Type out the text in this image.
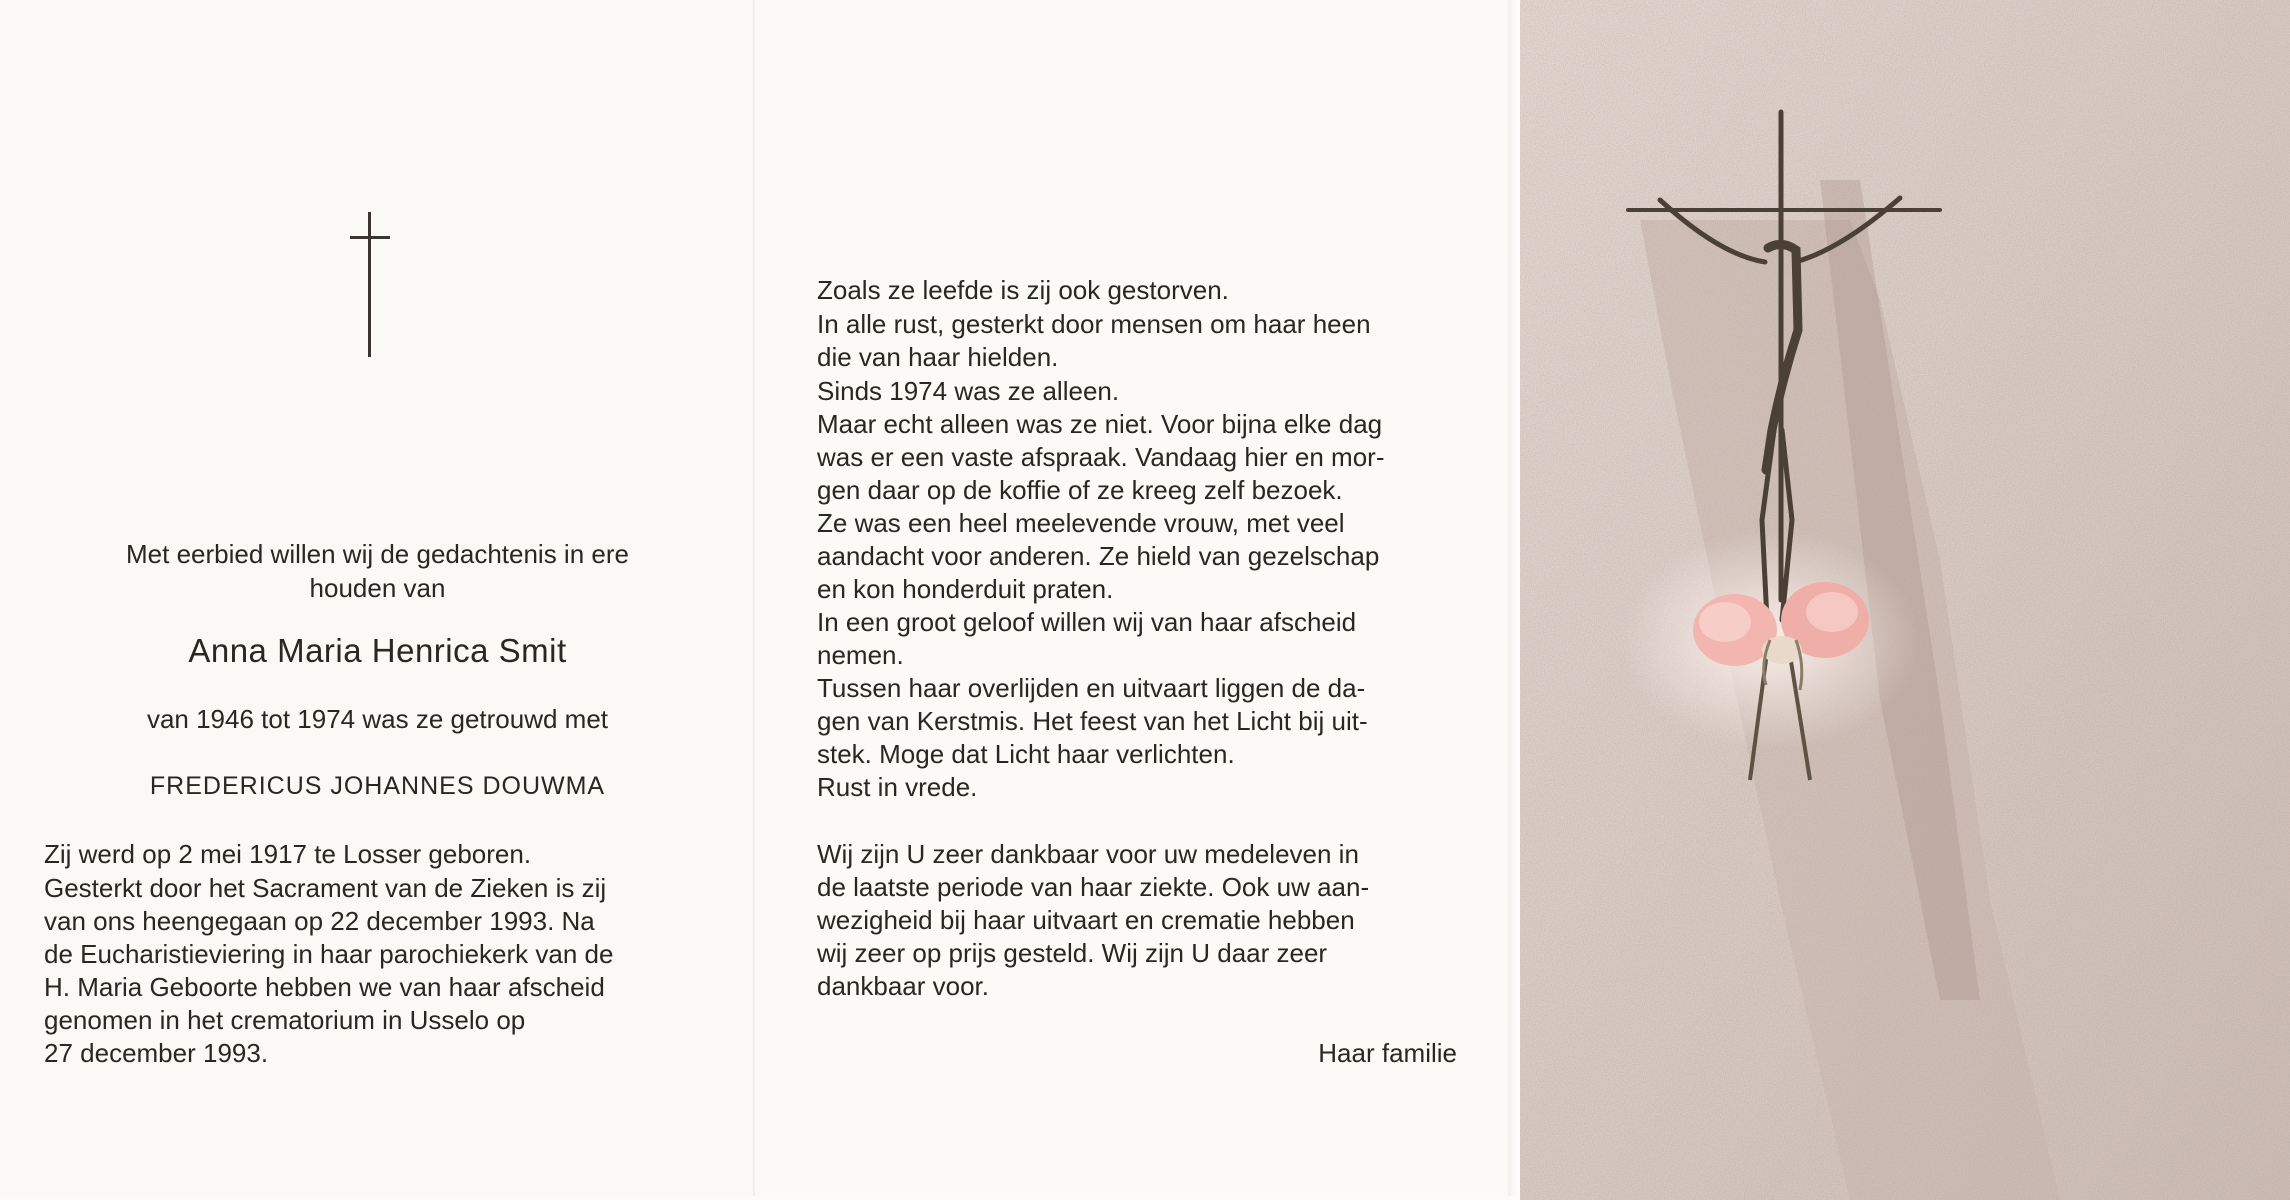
Met eerbied willen wij de gedachtenis in ere

houden van

Anna Maria Henrica Smit

van 1946 tot 1974 was ze getrouwd met

FREDERICUS JOHANNES DOUWMA

Zij werd op 2 mei 1917 te Losser geboren.

Gesterkt door het Sacrament van de Zieken is zij

van ons heengegaan op 22 december 1993. Na

de Eucharistieviering in haar parochiekerk van de

H. Maria Geboorte hebben we van haar afscheid

genomen in het crematorium in Usselo op

27 december 1993.

Zoals ze leefde is zij ook gestorven.

In alle rust, gesterkt door mensen om haar heen

die van haar hielden.

Sinds 1974 was ze alleen.

Maar echt alleen was ze niet. Voor bijna elke dag

was er een vaste afspraak. Vandaag hier en mor-

gen daar op de koffie of ze kreeg zelf bezoek.

Ze was een heel meelevende vrouw, met veel

aandacht voor anderen. Ze hield van gezelschap

en kon honderduit praten.

In een groot geloof willen wij van haar afscheid

nemen.

Tussen haar overlijden en uitvaart liggen de da-

gen van Kerstmis. Het feest van het Licht bij uit-

stek. Moge dat Licht haar verlichten.

Rust in vrede.

Wij zijn U zeer dankbaar voor uw medeleven in

de laatste periode van haar ziekte. Ook uw aan-

wezigheid bij haar uitvaart en crematie hebben

wij zeer op prijs gesteld. Wij zijn U daar zeer

dankbaar voor.

Haar familie
